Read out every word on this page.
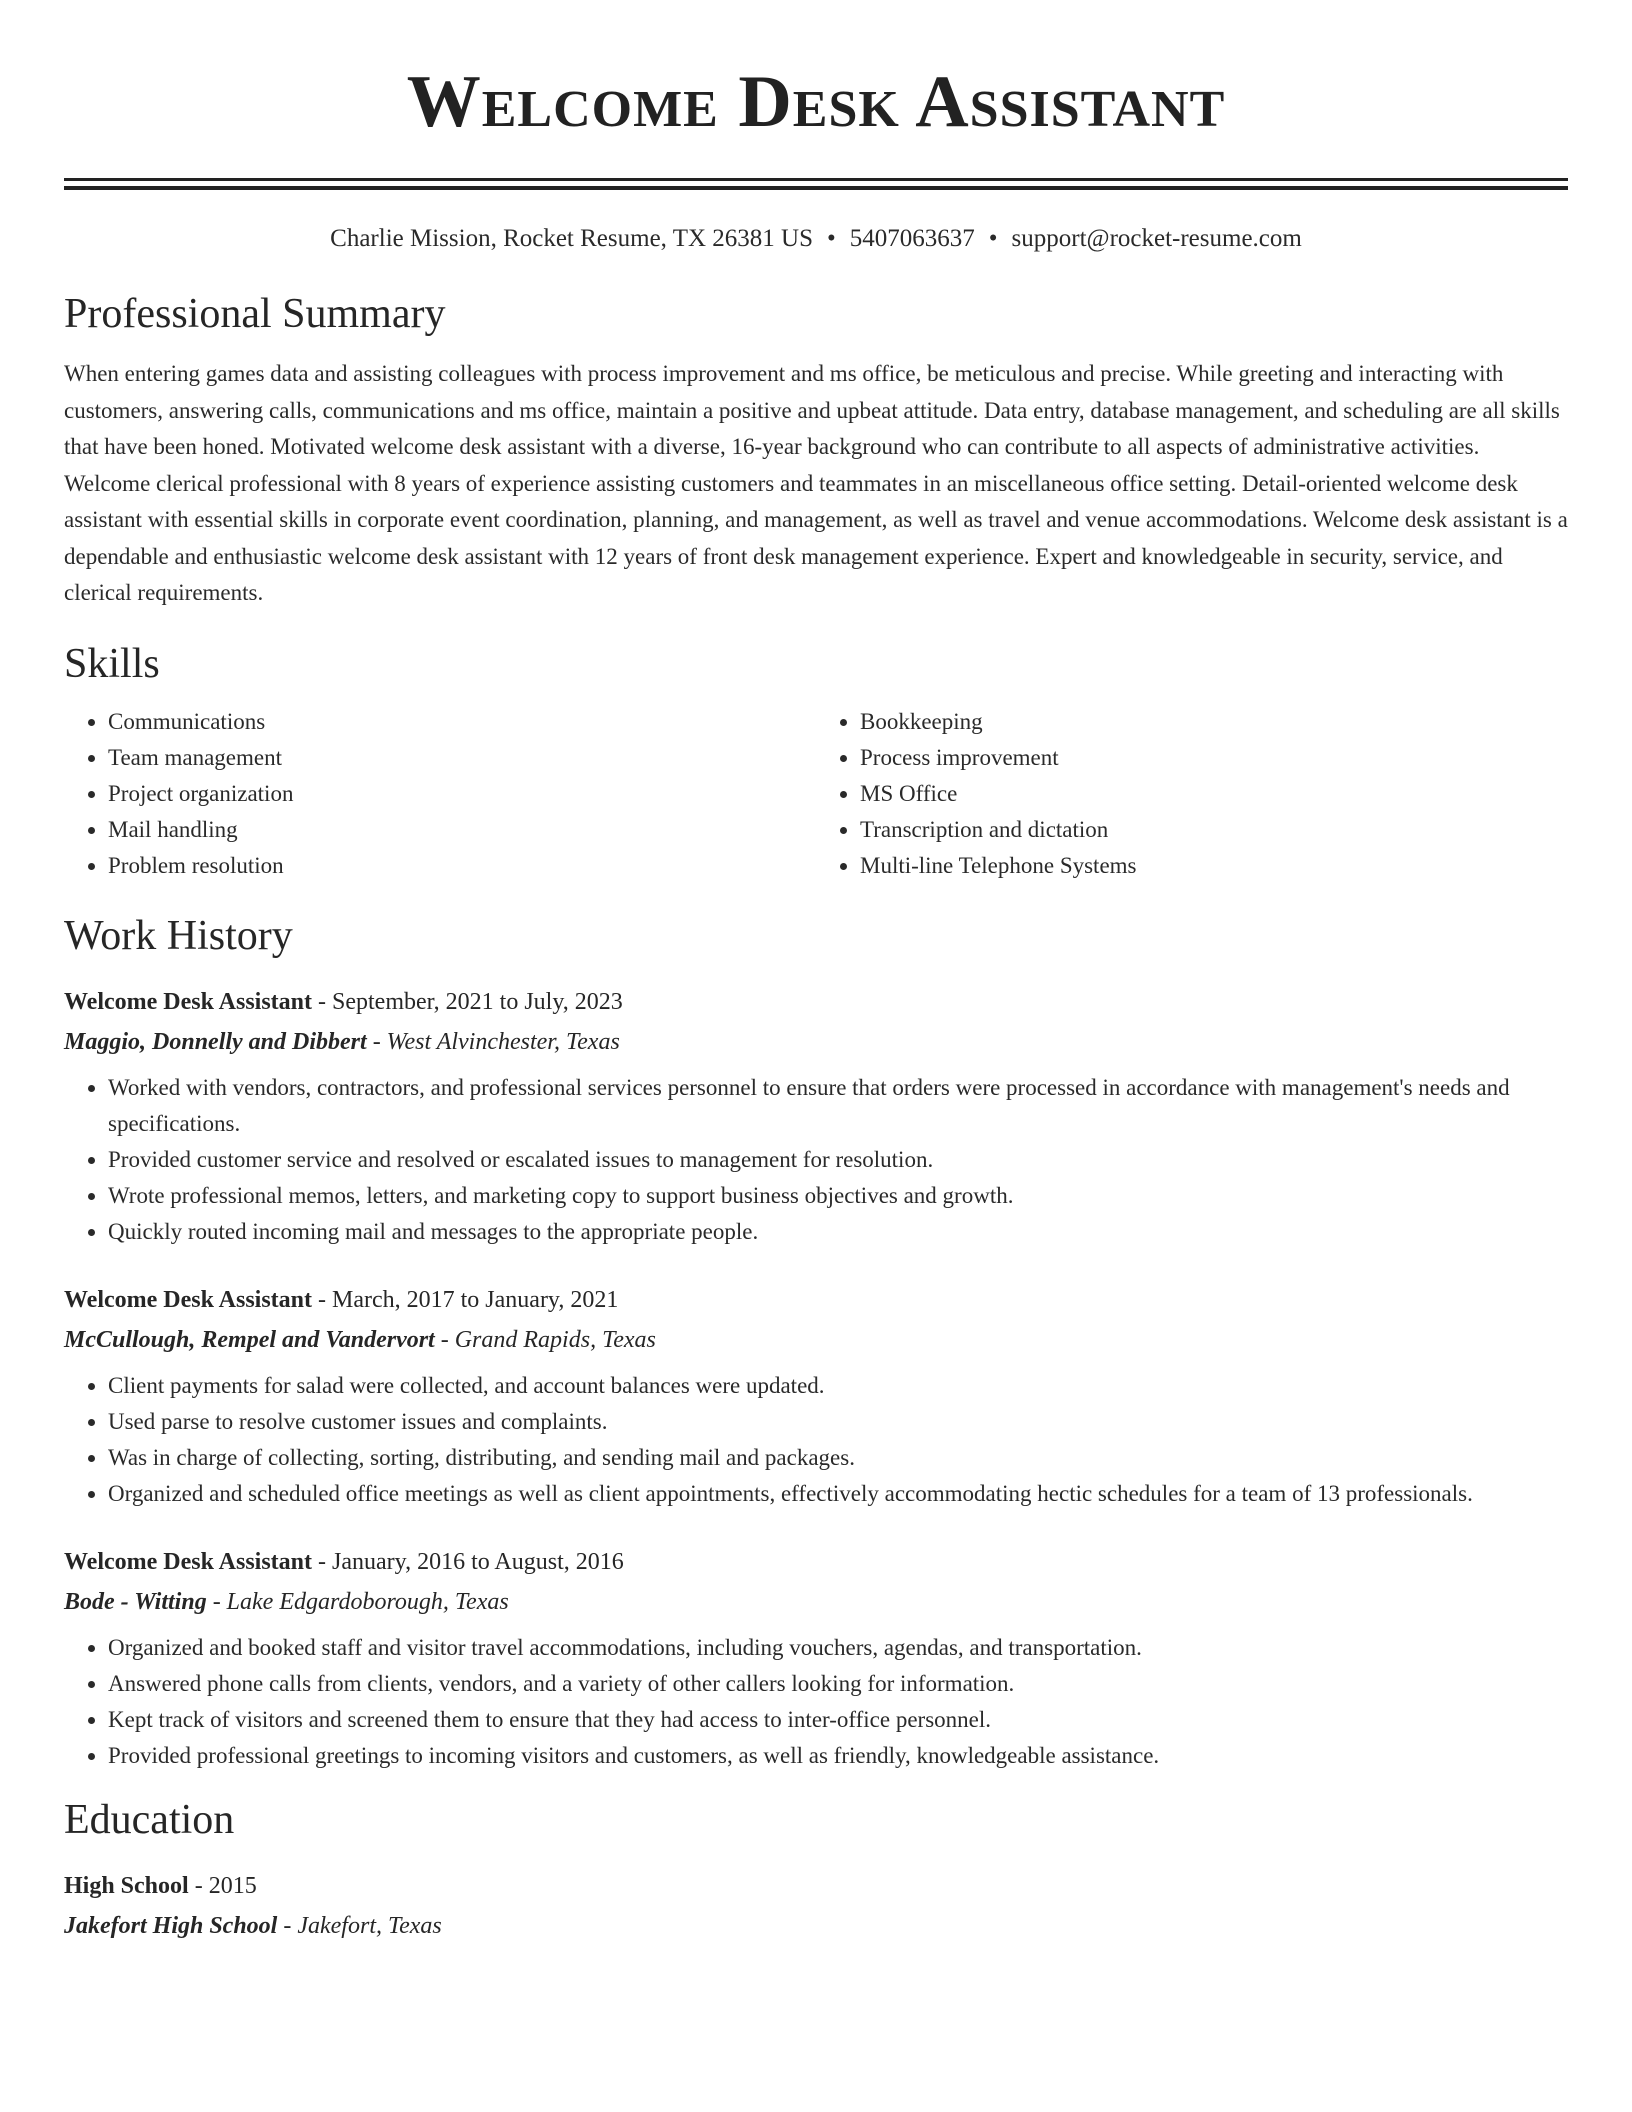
Welcome Desk Assistant
Charlie Mission, Rocket Resume, TX 26381 US • 5407063637 • support@rocket-resume.com
Professional Summary
When entering games data and assisting colleagues with process improvement and ms office, be meticulous and precise. While greeting and interacting with customers, answering calls, communications and ms office, maintain a positive and upbeat attitude. Data entry, database management, and scheduling are all skills that have been honed. Motivated welcome desk assistant with a diverse, 16-year background who can contribute to all aspects of administrative activities. Welcome clerical professional with 8 years of experience assisting customers and teammates in an miscellaneous office setting. Detail-oriented welcome desk assistant with essential skills in corporate event coordination, planning, and management, as well as travel and venue accommodations. Welcome desk assistant is a dependable and enthusiastic welcome desk assistant with 12 years of front desk management experience. Expert and knowledgeable in security, service, and clerical requirements.
Skills
• Communications
• Team management
• Project organization
• Mail handling
• Problem resolution
• Bookkeeping
• Process improvement
• MS Office
• Transcription and dictation
• Multi-line Telephone Systems
Work History
Welcome Desk Assistant - September, 2021 to July, 2023
Maggio, Donnelly and Dibbert - West Alvinchester, Texas
• Worked with vendors, contractors, and professional services personnel to ensure that orders were processed in accordance with management's needs and specifications.
• Provided customer service and resolved or escalated issues to management for resolution.
• Wrote professional memos, letters, and marketing copy to support business objectives and growth.
• Quickly routed incoming mail and messages to the appropriate people.
Welcome Desk Assistant - March, 2017 to January, 2021
McCullough, Rempel and Vandervort - Grand Rapids, Texas
• Client payments for salad were collected, and account balances were updated.
• Used parse to resolve customer issues and complaints.
• Was in charge of collecting, sorting, distributing, and sending mail and packages.
• Organized and scheduled office meetings as well as client appointments, effectively accommodating hectic schedules for a team of 13 professionals.
Welcome Desk Assistant - January, 2016 to August, 2016
Bode - Witting - Lake Edgardoborough, Texas
• Organized and booked staff and visitor travel accommodations, including vouchers, agendas, and transportation.
• Answered phone calls from clients, vendors, and a variety of other callers looking for information.
• Kept track of visitors and screened them to ensure that they had access to inter-office personnel.
• Provided professional greetings to incoming visitors and customers, as well as friendly, knowledgeable assistance.
Education
High School - 2015
Jakefort High School - Jakefort, Texas
